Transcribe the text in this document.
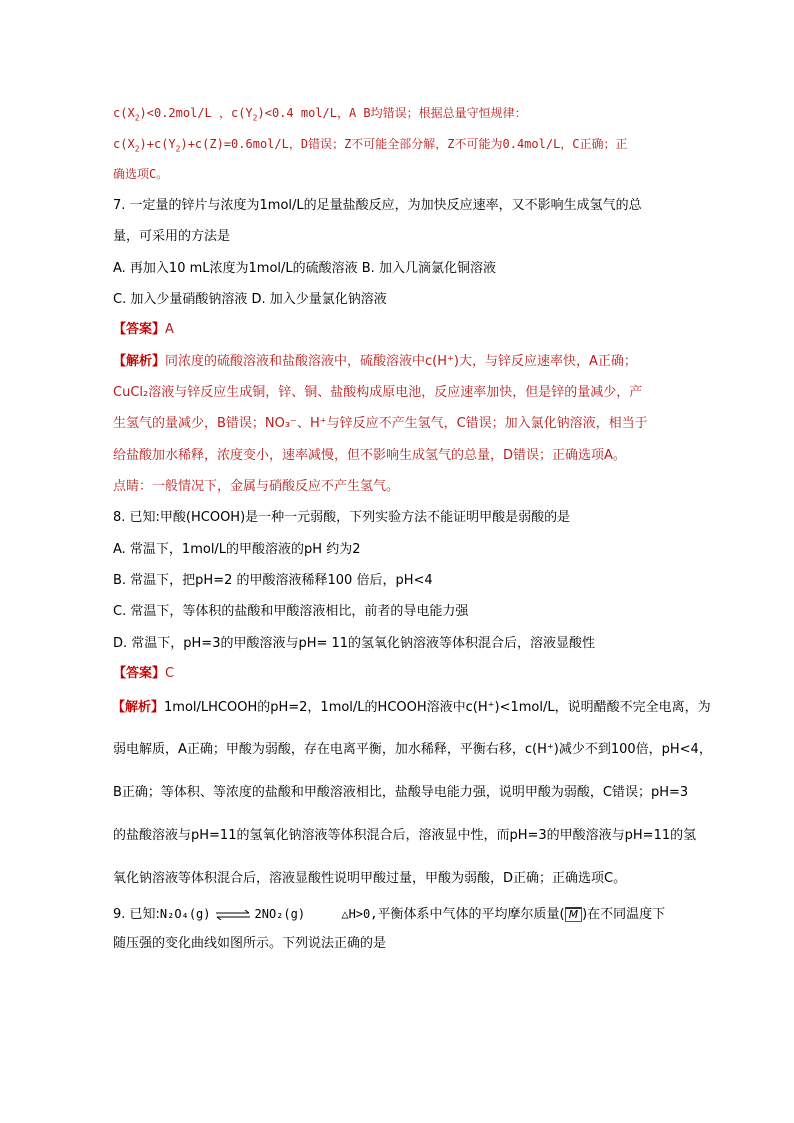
$c(X_2)<0.2mol/L$ ，$c(Y_2)<0.4$ mol/L，A B均错误；根据总量守恒规律：
$c(X_2)+c(Y_2)+c(Z)=0.6mol/L$，D错误；Z不可能全部分解，Z不可能为0.4mol/L，C正确；正
确选项C。
7. 一定量的锌片与浓度为1mol/L的足量盐酸反应，为加快反应速率，又不影响生成氢气的总
量，可采用的方法是
A. 再加入10 mL浓度为1mol/L的硫酸溶液 B. 加入几滴氯化铜溶液
C. 加入少量硝酸钠溶液 D. 加入少量氯化钠溶液
【答案】A
【解析】同浓度的硫酸溶液和盐酸溶液中，硫酸溶液中c(H⁺)大，与锌反应速率快，A正确；
CuCl₂溶液与锌反应生成铜，锌、铜、盐酸构成原电池，反应速率加快，但是锌的量减少，产
生氢气的量减少，B错误；NO₃⁻、H⁺与锌反应不产生氢气，C错误；加入氯化钠溶液，相当于
给盐酸加水稀释，浓度变小，速率减慢，但不影响生成氢气的总量，D错误；正确选项A。
点睛：一般情况下，金属与硝酸反应不产生氢气。
8. 已知:甲酸(HCOOH)是一种一元弱酸，下列实验方法不能证明甲酸是弱酸的是
A. 常温下，1mol/L的甲酸溶液的pH 约为2
B. 常温下，把pH=2 的甲酸溶液稀释100 倍后，pH<4
C. 常温下，等体积的盐酸和甲酸溶液相比，前者的导电能力强
D. 常温下，pH=3的甲酸溶液与pH= 11的氢氧化钠溶液等体积混合后，溶液显酸性
【答案】C
【解析】1mol/LHCOOH的pH=2，1mol/L的HCOOH溶液中c(H⁺)<1mol/L，说明醋酸不完全电离，为
弱电解质，A正确；甲酸为弱酸，存在电离平衡，加水稀释，平衡右移，c(H⁺)减少不到100倍，pH<4，
B正确；等体积、等浓度的盐酸和甲酸溶液相比，盐酸导电能力强，说明甲酸为弱酸，C错误；pH=3
的盐酸溶液与pH=11的氢氧化钠溶液等体积混合后，溶液显中性，而pH=3的甲酸溶液与pH=11的氢
氧化钠溶液等体积混合后，溶液显酸性说明甲酸过量，甲酸为弱酸，D正确；正确选项C。
9. 已知:N₂O₄(g) ⇌ 2NO₂(g)	△H>0,平衡体系中气体的平均摩尔质量( M )在不同温度下
随压强的变化曲线如图所示。下列说法正确的是
